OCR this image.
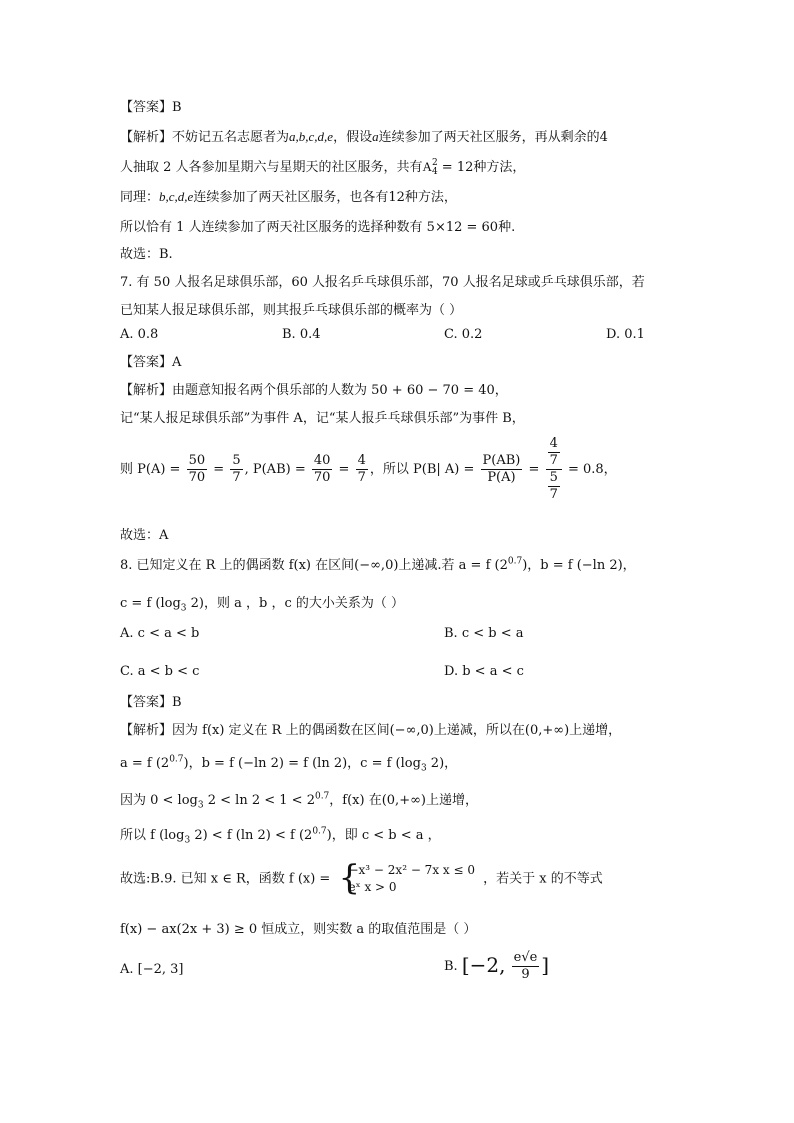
【答案】B
【解析】不妨记五名志愿者为a,b,c,d,e，假设a连续参加了两天社区服务，再从剩余的4
人抽取 2 人各参加星期六与星期天的社区服务，共有A 2
4 = 12种方法，
同理：b,c,d,e连续参加了两天社区服务，也各有12种方法，
所以恰有 1 人连续参加了两天社区服务的选择种数有 5×12 = 60种.
故选：B.
7. 有 50 人报名足球俱乐部，60 人报名乒乓球俱乐部，70 人报名足球或乒乓球俱乐部，若
已知某人报足球俱乐部，则其报乒乓球俱乐部的概率为（ ）
A. 0.8	B. 0.4	C. 0.2	D. 0.1
【答案】A
【解析】由题意知报名两个俱乐部的人数为 50 + 60 − 70 = 40，
记“某人报足球俱乐部”为事件 A，记“某人报乒乓球俱乐部”为事件 B，
则 $P(A) = \frac{50}{70} = \frac{5}{7}$ , $P(AB) = \frac{40}{70} = \frac{4}{7}$ ，所以 P(B| $A) = \frac{P(AB)}{P(A)} = \frac{\frac{4}{7}}{\frac{5}{7}} = 0.8$，
故选：A
8. 已知定义在 R 上的偶函数 f(x) 在区间(−∞,0)上递减.若 a = f $(2^{0.7})$，b = f (−ln 2)，
c = f ($\log_3$ 2)，则 a ，b ，c 的大小关系为（ ）
A. c < a < b	B. c < b < a
C. a < b < c	D. b < a < c
【答案】B
【解析】因为 f(x) 定义在 R 上的偶函数在区间(−∞,0)上递减，所以在(0,+∞)上递增，
a = f $(2^{0.7})$，b = f (−ln 2) = f (ln 2)，c = f ($\log_3$ 2)，
因为 $0 < \log_3 2 < \ln 2 < 1 < 2^{0.7}$，f(x) 在(0,+∞)上递增，
所以 f ($\log_3$ 2) < f (ln 2) < f $(2^{0.7})$，即 c < b < a ，
故选:B.9. 已知 x ∈ R，函数 f (x) = {
−x³ − 2x² − 7x x ≤ 0
eˣ x > 0
，若关于 x 的不等式
f(x) − ax(2x + 3) ≥ 0 恒成立，则实数 a 的取值范围是（ ）
A. [−2, 3]	B. [−2, $\frac{e√e}{9}$ ]
